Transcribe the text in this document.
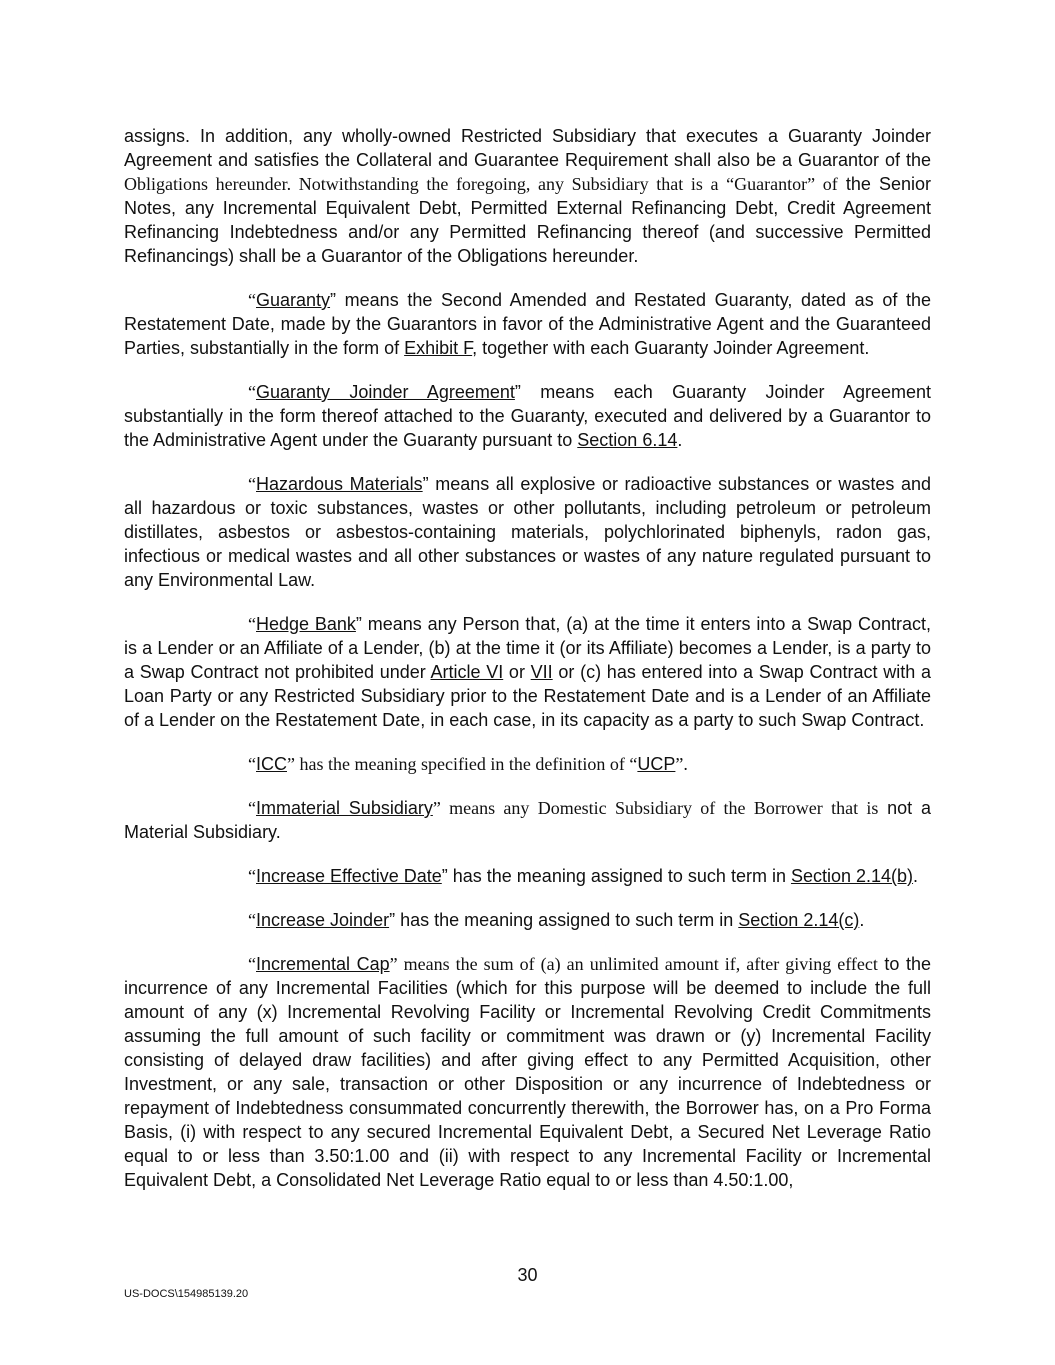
assigns. In addition, any wholly-owned Restricted Subsidiary that executes a Guaranty Joinder Agreement and satisfies the Collateral and Guarantee Requirement shall also be a Guarantor of the Obligations hereunder. Notwithstanding the foregoing, any Subsidiary that is a “Guarantor” of the Senior Notes, any Incremental Equivalent Debt, Permitted External Refinancing Debt, Credit Agreement Refinancing Indebtedness and/or any Permitted Refinancing thereof (and successive Permitted Refinancings) shall be a Guarantor of the Obligations hereunder.

“Guaranty” means the Second Amended and Restated Guaranty, dated as of the Restatement Date, made by the Guarantors in favor of the Administrative Agent and the Guaranteed Parties, substantially in the form of Exhibit F, together with each Guaranty Joinder Agreement.

“Guaranty Joinder Agreement” means each Guaranty Joinder Agreement substantially in the form thereof attached to the Guaranty, executed and delivered by a Guarantor to the Administrative Agent under the Guaranty pursuant to Section 6.14.

“Hazardous Materials” means all explosive or radioactive substances or wastes and all hazardous or toxic substances, wastes or other pollutants, including petroleum or petroleum distillates, asbestos or asbestos-containing materials, polychlorinated biphenyls, radon gas, infectious or medical wastes and all other substances or wastes of any nature regulated pursuant to any Environmental Law.

“Hedge Bank” means any Person that, (a) at the time it enters into a Swap Contract, is a Lender or an Affiliate of a Lender, (b) at the time it (or its Affiliate) becomes a Lender, is a party to a Swap Contract not prohibited under Article VI or VII or (c) has entered into a Swap Contract with a Loan Party or any Restricted Subsidiary prior to the Restatement Date and is a Lender of an Affiliate of a Lender on the Restatement Date, in each case, in its capacity as a party to such Swap Contract.

“ICC” has the meaning specified in the definition of “UCP”.

“Immaterial Subsidiary” means any Domestic Subsidiary of the Borrower that is not a Material Subsidiary.

“Increase Effective Date” has the meaning assigned to such term in Section 2.14(b).

“Increase Joinder” has the meaning assigned to such term in Section 2.14(c).

“Incremental Cap” means the sum of (a) an unlimited amount if, after giving effect to the incurrence of any Incremental Facilities (which for this purpose will be deemed to include the full amount of any (x) Incremental Revolving Facility or Incremental Revolving Credit Commitments assuming the full amount of such facility or commitment was drawn or (y) Incremental Facility consisting of delayed draw facilities) and after giving effect to any Permitted Acquisition, other Investment, or any sale, transaction or other Disposition or any incurrence of Indebtedness or repayment of Indebtedness consummated concurrently therewith, the Borrower has, on a Pro Forma Basis, (i) with respect to any secured Incremental Equivalent Debt, a Secured Net Leverage Ratio equal to or less than 3.50:1.00 and (ii) with respect to any Incremental Facility or Incremental Equivalent Debt, a Consolidated Net Leverage Ratio equal to or less than 4.50:1.00,

30
US-DOCS\154985139.20
